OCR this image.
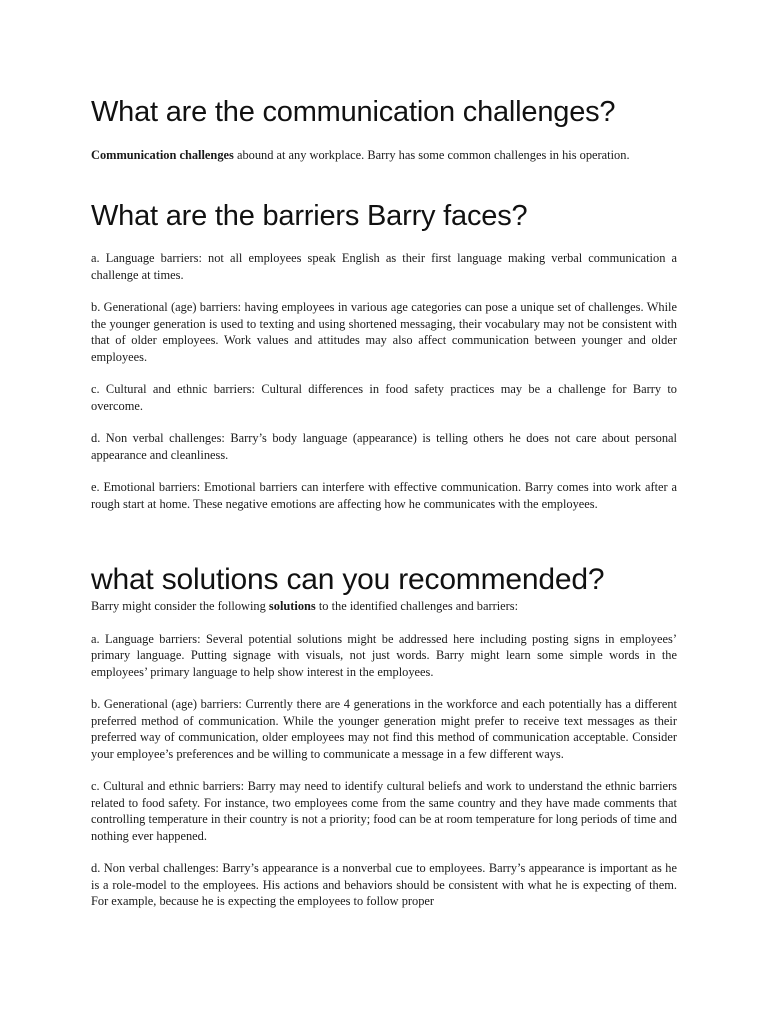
What are the communication challenges?

Communication challenges abound at any workplace. Barry has some common challenges in his operation.

What are the barriers Barry faces?

a. Language barriers: not all employees speak English as their first language making verbal communication a challenge at times.

b. Generational (age) barriers: having employees in various age categories can pose a unique set of challenges. While the younger generation is used to texting and using shortened messaging, their vocabulary may not be consistent with that of older employees. Work values and attitudes may also affect communication between younger and older employees.

c. Cultural and ethnic barriers: Cultural differences in food safety practices may be a challenge for Barry to overcome.

d. Non verbal challenges: Barry’s body language (appearance) is telling others he does not care about personal appearance and cleanliness.

e. Emotional barriers: Emotional barriers can interfere with effective communication. Barry comes into work after a rough start at home. These negative emotions are affecting how he communicates with the employees.

what solutions can you recommended?

Barry might consider the following solutions to the identified challenges and barriers:

a. Language barriers: Several potential solutions might be addressed here including posting signs in employees’ primary language. Putting signage with visuals, not just words. Barry might learn some simple words in the employees’ primary language to help show interest in the employees.

b. Generational (age) barriers: Currently there are 4 generations in the workforce and each potentially has a different preferred method of communication. While the younger generation might prefer to receive text messages as their preferred way of communication, older employees may not find this method of communication acceptable. Consider your employee’s preferences and be willing to communicate a message in a few different ways.

c. Cultural and ethnic barriers: Barry may need to identify cultural beliefs and work to understand the ethnic barriers related to food safety. For instance, two employees come from the same country and they have made comments that controlling temperature in their country is not a priority; food can be at room temperature for long periods of time and nothing ever happened.

d. Non verbal challenges: Barry’s appearance is a nonverbal cue to employees. Barry’s appearance is important as he is a role-model to the employees. His actions and behaviors should be consistent with what he is expecting of them. For example, because he is expecting the employees to follow proper
